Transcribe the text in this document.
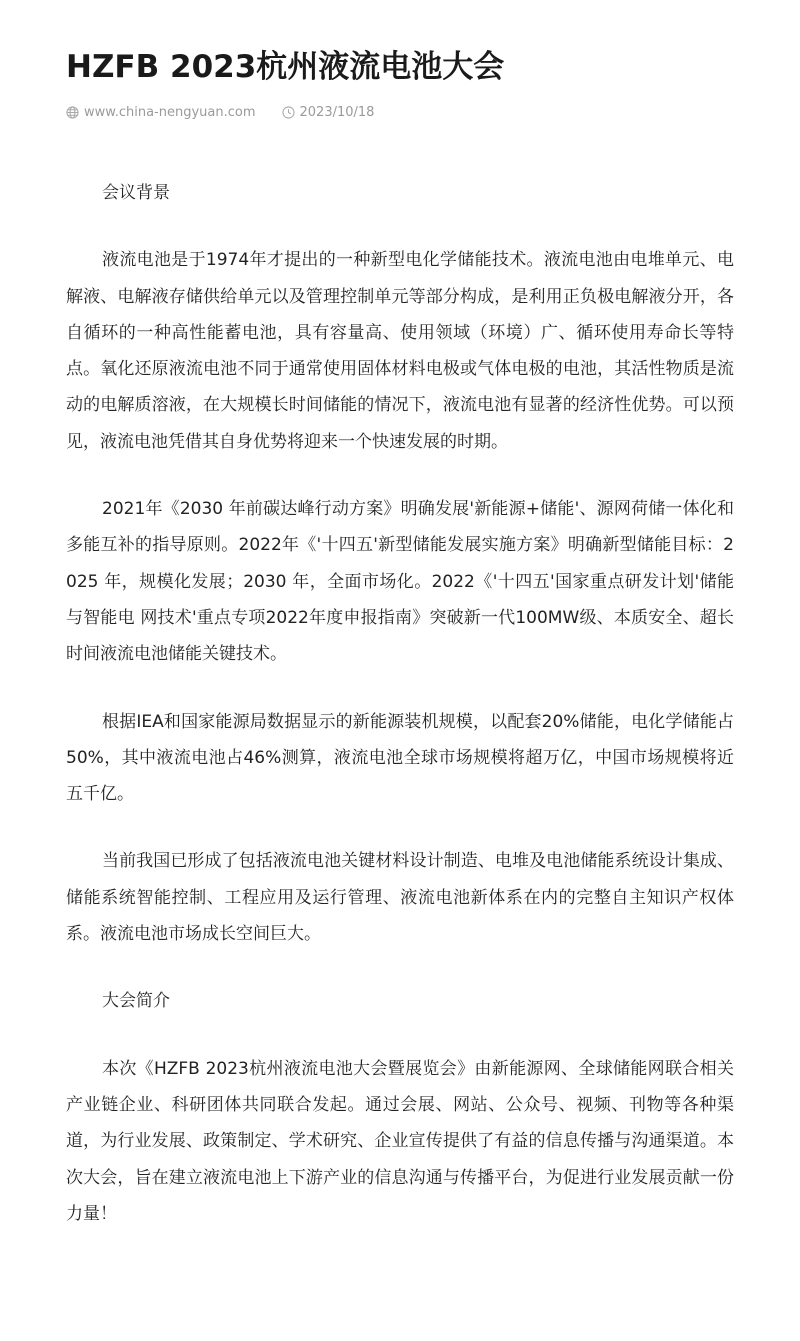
HZFB 2023杭州液流电池大会
www.china-nengyuan.com	2023/10/18

会议背景

液流电池是于1974年才提出的一种新型电化学储能技术。液流电池由电堆单元、电解液、电解液存储供给单元以及管理控制单元等部分构成，是利用正负极电解液分开，各自循环的一种高性能蓄电池，具有容量高、使用领域（环境）广、循环使用寿命长等特点。氧化还原液流电池不同于通常使用固体材料电极或气体电极的电池，其活性物质是流动的电解质溶液，在大规模长时间储能的情况下，液流电池有显著的经济性优势。可以预见，液流电池凭借其自身优势将迎来一个快速发展的时期。

2021年《2030 年前碳达峰行动方案》明确发展'新能源+储能'、源网荷储一体化和多能互补的指导原则。2022年《'十四五'新型储能发展实施方案》明确新型储能目标：2025 年，规模化发展；2030 年，全面市场化。2022《'十四五'国家重点研发计划'储能与智能电 网技术'重点专项2022年度申报指南》突破新一代100MW级、本质安全、超长时间液流电池储能关键技术。

根据IEA和国家能源局数据显示的新能源装机规模，以配套20%储能，电化学储能占50%，其中液流电池占46%测算，液流电池全球市场规模将超万亿，中国市场规模将近五千亿。

当前我国已形成了包括液流电池关键材料设计制造、电堆及电池储能系统设计集成、储能系统智能控制、工程应用及运行管理、液流电池新体系在内的完整自主知识产权体系。液流电池市场成长空间巨大。

大会简介

本次《HZFB 2023杭州液流电池大会暨展览会》由新能源网、全球储能网联合相关产业链企业、科研团体共同联合发起。通过会展、网站、公众号、视频、刊物等各种渠道，为行业发展、政策制定、学术研究、企业宣传提供了有益的信息传播与沟通渠道。本次大会，旨在建立液流电池上下游产业的信息沟通与传播平台，为促进行业发展贡献一份力量！
